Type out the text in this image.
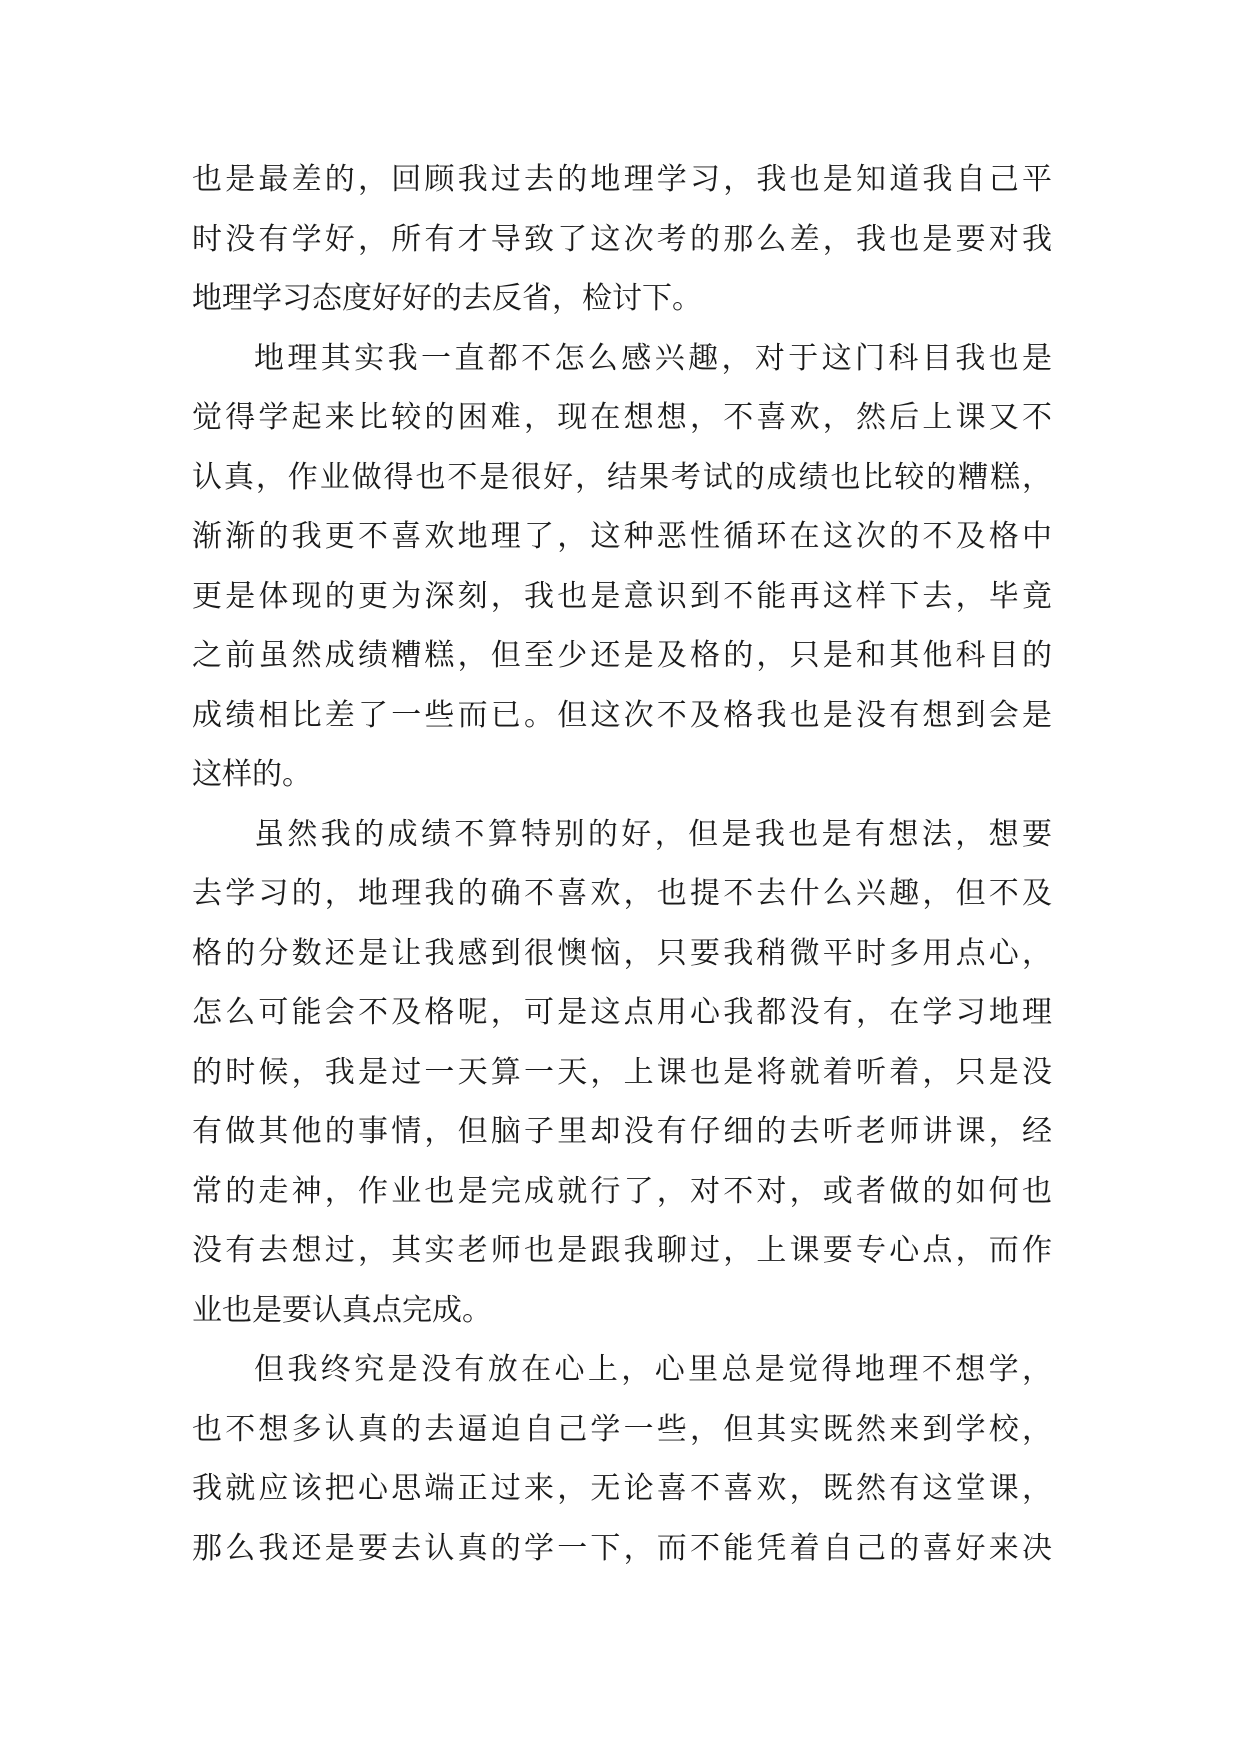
也是最差的，回顾我过去的地理学习，我也是知道我自己平
时没有学好，所有才导致了这次考的那么差，我也是要对我
地理学习态度好好的去反省，检讨下。
地理其实我一直都不怎么感兴趣，对于这门科目我也是
觉得学起来比较的困难，现在想想，不喜欢，然后上课又不
认真，作业做得也不是很好，结果考试的成绩也比较的糟糕，
渐渐的我更不喜欢地理了，这种恶性循环在这次的不及格中
更是体现的更为深刻，我也是意识到不能再这样下去，毕竟
之前虽然成绩糟糕，但至少还是及格的，只是和其他科目的
成绩相比差了一些而已。但这次不及格我也是没有想到会是
这样的。
虽然我的成绩不算特别的好，但是我也是有想法，想要
去学习的，地理我的确不喜欢，也提不去什么兴趣，但不及
格的分数还是让我感到很懊恼，只要我稍微平时多用点心，
怎么可能会不及格呢，可是这点用心我都没有，在学习地理
的时候，我是过一天算一天，上课也是将就着听着，只是没
有做其他的事情，但脑子里却没有仔细的去听老师讲课，经
常的走神，作业也是完成就行了，对不对，或者做的如何也
没有去想过，其实老师也是跟我聊过，上课要专心点，而作
业也是要认真点完成。
但我终究是没有放在心上，心里总是觉得地理不想学，
也不想多认真的去逼迫自己学一些，但其实既然来到学校，
我就应该把心思端正过来，无论喜不喜欢，既然有这堂课，
那么我还是要去认真的学一下，而不能凭着自己的喜好来决
